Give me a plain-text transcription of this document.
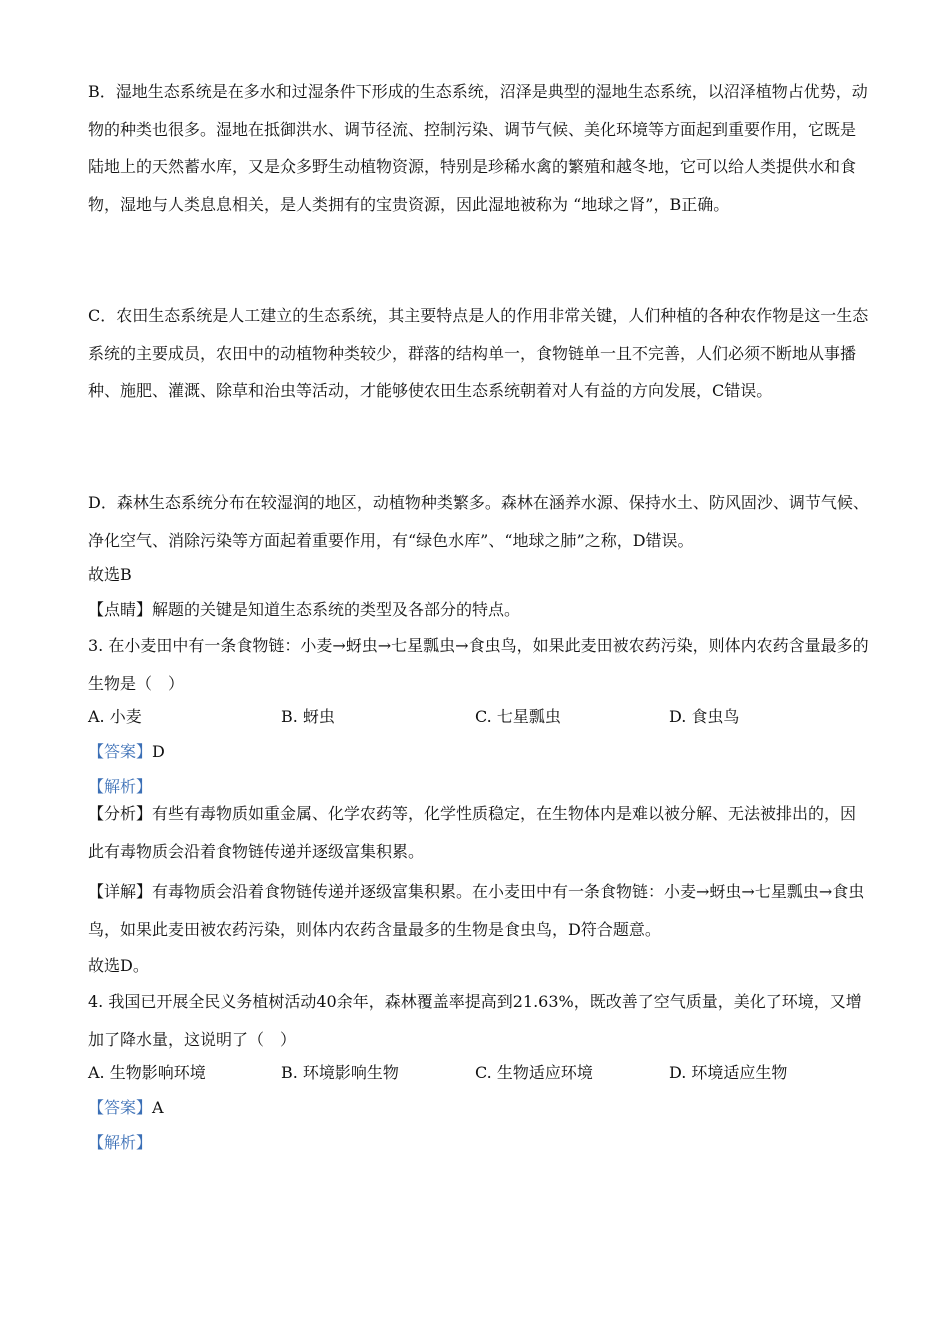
B．湿地生态系统是在多水和过湿条件下形成的生态系统，沼泽是典型的湿地生态系统，以沼泽植物占优势，动物的种类也很多。湿地在抵御洪水、调节径流、控制污染、调节气候、美化环境等方面起到重要作用，它既是陆地上的天然蓄水库，又是众多野生动植物资源，特别是珍稀水禽的繁殖和越冬地，它可以给人类提供水和食物，湿地与人类息息相关，是人类拥有的宝贵资源，因此湿地被称为 “地球之肾”，B正确。

C．农田生态系统是人工建立的生态系统，其主要特点是人的作用非常关键，人们种植的各种农作物是这一生态系统的主要成员，农田中的动植物种类较少，群落的结构单一，食物链单一且不完善，人们必须不断地从事播种、施肥、灌溉、除草和治虫等活动，才能够使农田生态系统朝着对人有益的方向发展，C错误。

D．森林生态系统分布在较湿润的地区，动植物种类繁多。森林在涵养水源、保持水土、防风固沙、调节气候、净化空气、消除污染等方面起着重要作用，有“绿色水库”、“地球之肺”之称，D错误。

故选B

【点睛】解题的关键是知道生态系统的类型及各部分的特点。

3. 在小麦田中有一条食物链：小麦→蚜虫→七星瓢虫→食虫鸟，如果此麦田被农药污染，则体内农药含量最多的生物是（　）

A. 小麦	B. 蚜虫	C. 七星瓢虫	D. 食虫鸟

【答案】D

【解析】

【分析】有些有毒物质如重金属、化学农药等，化学性质稳定，在生物体内是难以被分解、无法被排出的，因此有毒物质会沿着食物链传递并逐级富集积累。

【详解】有毒物质会沿着食物链传递并逐级富集积累。在小麦田中有一条食物链：小麦→蚜虫→七星瓢虫→食虫鸟，如果此麦田被农药污染，则体内农药含量最多的生物是食虫鸟，D符合题意。

故选D。

4. 我国已开展全民义务植树活动40余年，森林覆盖率提高到21.63%，既改善了空气质量，美化了环境，又增加了降水量，这说明了（　）

A. 生物影响环境	B. 环境影响生物	C. 生物适应环境	D. 环境适应生物

【答案】A

【解析】
